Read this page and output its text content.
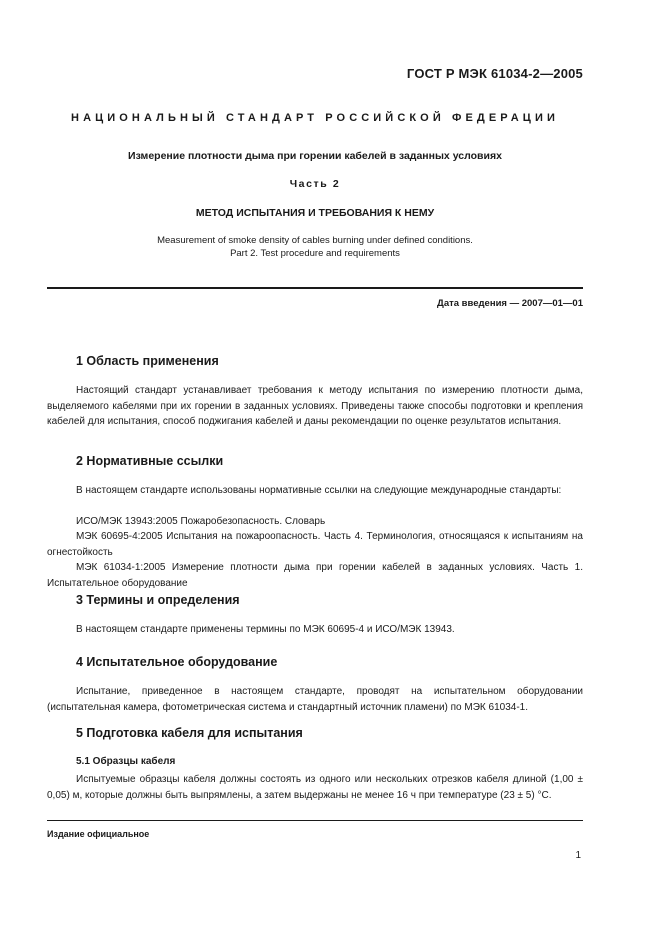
ГОСТ Р МЭК 61034-2—2005
НАЦИОНАЛЬНЫЙ СТАНДАРТ РОССИЙСКОЙ ФЕДЕРАЦИИ
Измерение плотности дыма при горении кабелей в заданных условиях
Часть 2
МЕТОД ИСПЫТАНИЯ И ТРЕБОВАНИЯ К НЕМУ
Measurement of smoke density of cables burning under defined conditions.
Part 2. Test procedure and requirements
Дата введения — 2007—01—01
1 Область применения
Настоящий стандарт устанавливает требования к методу испытания по измерению плотности дыма, выделяемого кабелями при их горении в заданных условиях. Приведены также способы подготовки и крепления кабелей для испытания, способ поджигания кабелей и даны рекомендации по оценке результатов испытания.
2 Нормативные ссылки
В настоящем стандарте использованы нормативные ссылки на следующие международные стандарты:
ИСО/МЭК 13943:2005 Пожаробезопасность. Словарь
МЭК 60695-4:2005 Испытания на пожароопасность. Часть 4. Терминология, относящаяся к испытаниям на огнестойкость
МЭК 61034-1:2005 Измерение плотности дыма при горении кабелей в заданных условиях. Часть 1. Испытательное оборудование
3 Термины и определения
В настоящем стандарте применены термины по МЭК 60695-4 и ИСО/МЭК 13943.
4 Испытательное оборудование
Испытание, приведенное в настоящем стандарте, проводят на испытательном оборудовании (испытательная камера, фотометрическая система и стандартный источник пламени) по МЭК 61034-1.
5 Подготовка кабеля для испытания
5.1 Образцы кабеля
Испытуемые образцы кабеля должны состоять из одного или нескольких отрезков кабеля длиной (1,00 ± 0,05) м, которые должны быть выпрямлены, а затем выдержаны не менее 16 ч при температуре (23 ± 5) °С.
Издание официальное
1
